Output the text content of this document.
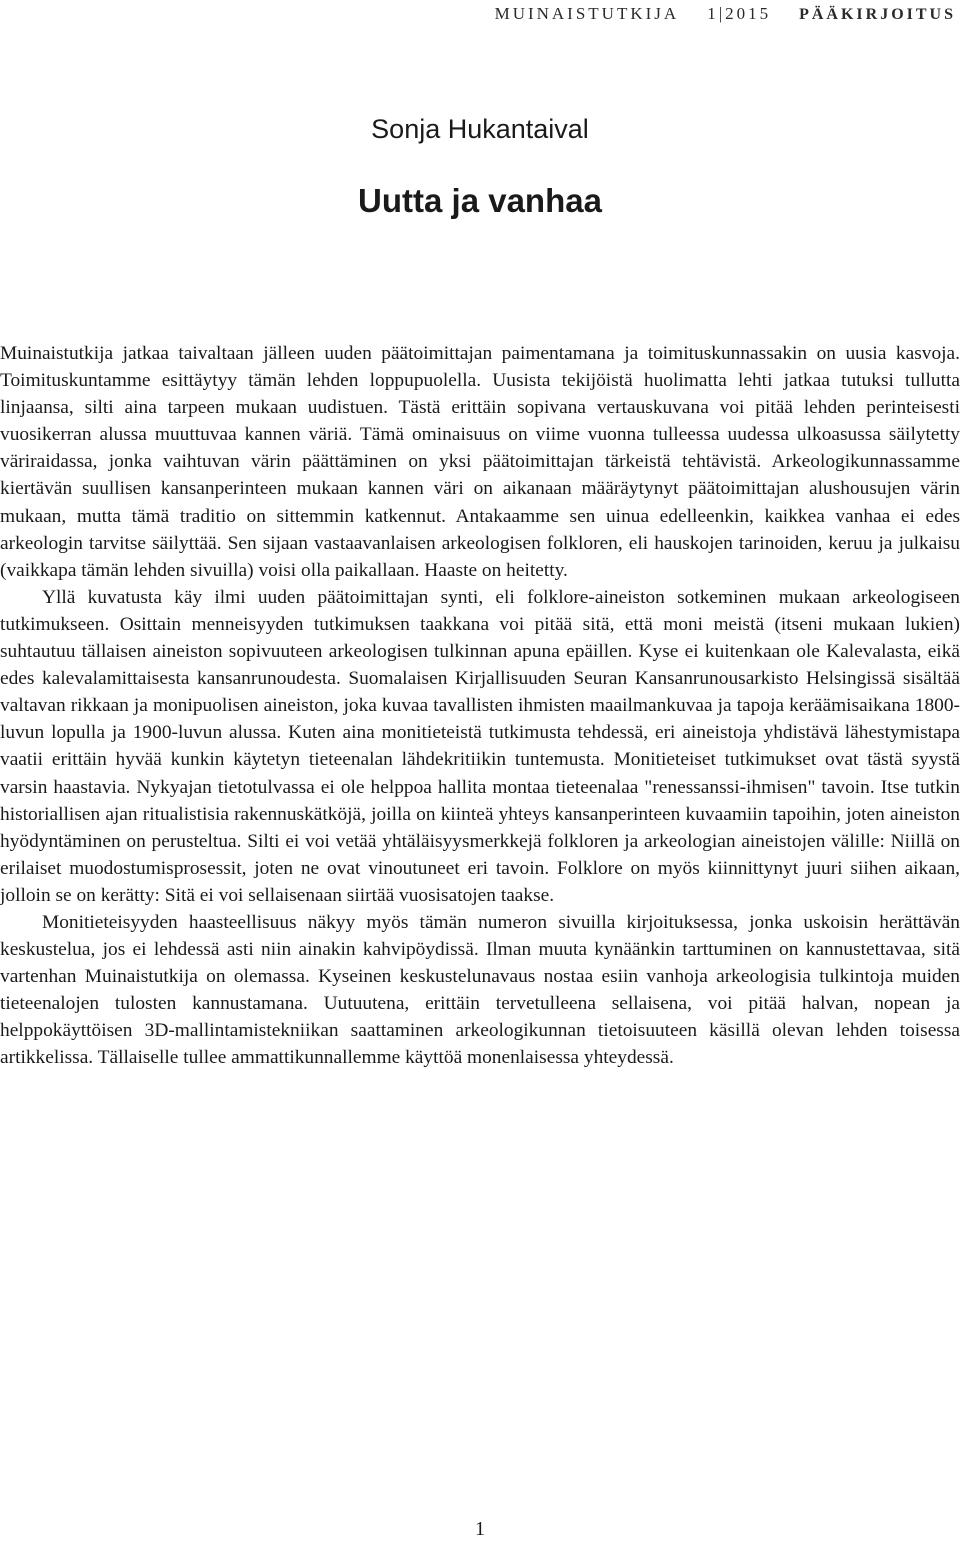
MUINAISTUTKIJA 1|2015 PÄÄKIRJOITUS
Sonja Hukantaival
Uutta ja vanhaa

Muinaistutkija jatkaa taivaltaan jälleen uuden päätoimittajan paimentamana ja toimituskunnassakin on uusia kasvoja. Toimituskuntamme esittäytyy tämän lehden loppupuolella. Uusista tekijöistä huolimatta lehti jatkaa tutuksi tullutta linjaansa, silti aina tarpeen mukaan uudistuen. Tästä erittäin sopivana vertauskuvana voi pitää lehden perinteisesti vuosikerran alussa muuttuvaa kannen väriä. Tämä ominaisuus on viime vuonna tulleessa uudessa ulkoasussa säilytetty väriraidassa, jonka vaihtuvan värin päättäminen on yksi päätoimittajan tärkeistä tehtävistä. Arkeologikunnassamme kiertävän suullisen kansanperinteen mukaan kannen väri on aikanaan määräytynyt päätoimittajan alushousujen värin mukaan, mutta tämä traditio on sittemmin katkennut. Antakaamme sen uinua edelleenkin, kaikkea vanhaa ei edes arkeologin tarvitse säilyttää. Sen sijaan vastaavanlaisen arkeologisen folkloren, eli hauskojen tarinoiden, keruu ja julkaisu (vaikkapa tämän lehden sivuilla) voisi olla paikallaan. Haaste on heitetty.

Yllä kuvatusta käy ilmi uuden päätoimittajan synti, eli folklore-aineiston sotkeminen mukaan arkeologiseen tutkimukseen. Osittain menneisyyden tutkimuksen taakkana voi pitää sitä, että moni meistä (itseni mukaan lukien) suhtautuu tällaisen aineiston sopivuuteen arkeologisen tulkinnan apuna epäillen. Kyse ei kuitenkaan ole Kalevalasta, eikä edes kalevalamittaisesta kansanrunoudesta. Suomalaisen Kirjallisuuden Seuran Kansanrunousarkisto Helsingissä sisältää valtavan rikkaan ja monipuolisen aineiston, joka kuvaa tavallisten ihmisten maailmankuvaa ja tapoja keräämisaikana 1800-luvun lopulla ja 1900-luvun alussa. Kuten aina monitieteistä tutkimusta tehdessä, eri aineistoja yhdistävä lähestymistapa vaatii erittäin hyvää kunkin käytetyn tieteenalan lähdekritiikin tuntemusta. Monitieteiset tutkimukset ovat tästä syystä varsin haastavia. Nykyajan tietotulvassa ei ole helppoa hallita montaa tieteenalaa "renessanssi-ihmisen" tavoin. Itse tutkin historiallisen ajan ritualistisia rakennuskätköjä, joilla on kiinteä yhteys kansanperinteen kuvaamiin tapoihin, joten aineiston hyödyntäminen on perusteltua. Silti ei voi vetää yhtäläisyysmerkkejä folkloren ja arkeologian aineistojen välille: Niillä on erilaiset muodostumisprosessit, joten ne ovat vinoutuneet eri tavoin. Folklore on myös kiinnittynyt juuri siihen aikaan, jolloin se on kerätty: Sitä ei voi sellaisenaan siirtää vuosisatojen taakse.

Monitieteisyyden haasteellisuus näkyy myös tämän numeron sivuilla kirjoituksessa, jonka uskoisin herättävän keskustelua, jos ei lehdessä asti niin ainakin kahvipöydissä. Ilman muuta kynäänkin tarttuminen on kannustettavaa, sitä vartenhan Muinaistutkija on olemassa. Kyseinen keskustelunavaus nostaa esiin vanhoja arkeologisia tulkintoja muiden tieteenalojen tulosten kannustamana. Uutuutena, erittäin tervetulleena sellaisena, voi pitää halvan, nopean ja helppokäyttöisen 3D-mallintamistekniikan saattaminen arkeologikunnan tietoisuuteen käsillä olevan lehden toisessa artikkelissa. Tällaiselle tullee ammattikunnallemme käyttöä monenlaisessa yhteydessä.

1
